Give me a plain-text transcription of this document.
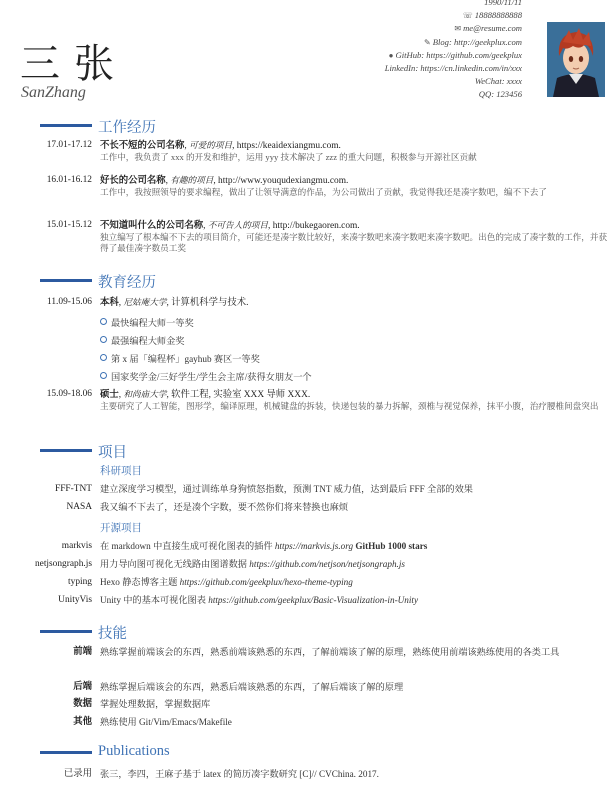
三 张
SanZhang
1990/11/11
☏ 18888888888
✉ me@resume.com
✎ Blog: http://geekplux.com
● GitHub: https://github.com/geekplux
LinkedIn: https://cn.linkedin.com/in/xxx
WeChat: xxxx
QQ: 123456
工作经历
17.01-17.12 不长不短的公司名称, 可爱的项目, https://keaidexiangmu.com.
工作中，我负责了 xxx 的开发和维护，运用 yyy 技术解决了 zzz 的重大问题，积极参与开源社区贡献
16.01-16.12 好长的公司名称, 有趣的项目, http://www.youqudexiangmu.com.
工作中，我按照领导的要求编程，做出了让领导满意的作品，为公司做出了贡献，我觉得我还是凑字数吧，编不下去了
15.01-15.12 不知道叫什么的公司名称, 不可告人的项目, http://bukegaoren.com.
独立编写了根本编不下去的项目简介，可能还是凑字数比较好，来凑字数吧来凑字数吧来凑字数吧。出色的完成了凑字数的工作，并获得了最佳凑字数员工奖
教育经历
11.09-15.06 本科, 尼姑庵大学, 计算机科学与技术.
最快编程大师一等奖
最强编程大师金奖
第 x 届「编程杯」gayhub 赛区一等奖
国家奖学金/三好学生/学生会主席/获得女朋友一个
15.09-18.06 硕士, 和尚庙大学, 软件工程, 实验室 XXX 导师 XXX.
主要研究了人工智能，图形学，编译原理，机械键盘的拆装，快递包装的暴力拆解，颈椎与视觉保养，抹平小腹，治疗腰椎间盘突出
项目
科研项目
FFF-TNT 建立深度学习模型，通过训练单身狗愤怒指数，预测 TNT 威力值，达到最后 FFF 全部的效果
NASA 我又编不下去了，还是凑个字数，要不然你们将来替换也麻烦
开源项目
markvis 在 markdown 中直接生成可视化图表的插件 https://markvis.js.org GitHub 1000 stars
netjsongraph.js 用力导向图可视化无线路由图谱数据 https://github.com/netjson/netjsongraph.js
typing Hexo 静态博客主题 https://github.com/geekplux/hexo-theme-typing
UnityVis Unity 中的基本可视化图表 https://github.com/geekplux/Basic-Visualization-in-Unity
技能
前端 熟练掌握前端该会的东西，熟悉前端该熟悉的东西，了解前端该了解的原理，熟练使用前端该熟练使用的各类工具
后端 熟练掌握后端该会的东西，熟悉后端该熟悉的东西，了解后端该了解的原理
数据 掌握处理数据，掌握数据库
其他 熟练使用 Git/Vim/Emacs/Makefile
Publications
已录用 张三，李四，王麻子基于 latex 的简历凑字数研究 [C]// CVChina. 2017.
